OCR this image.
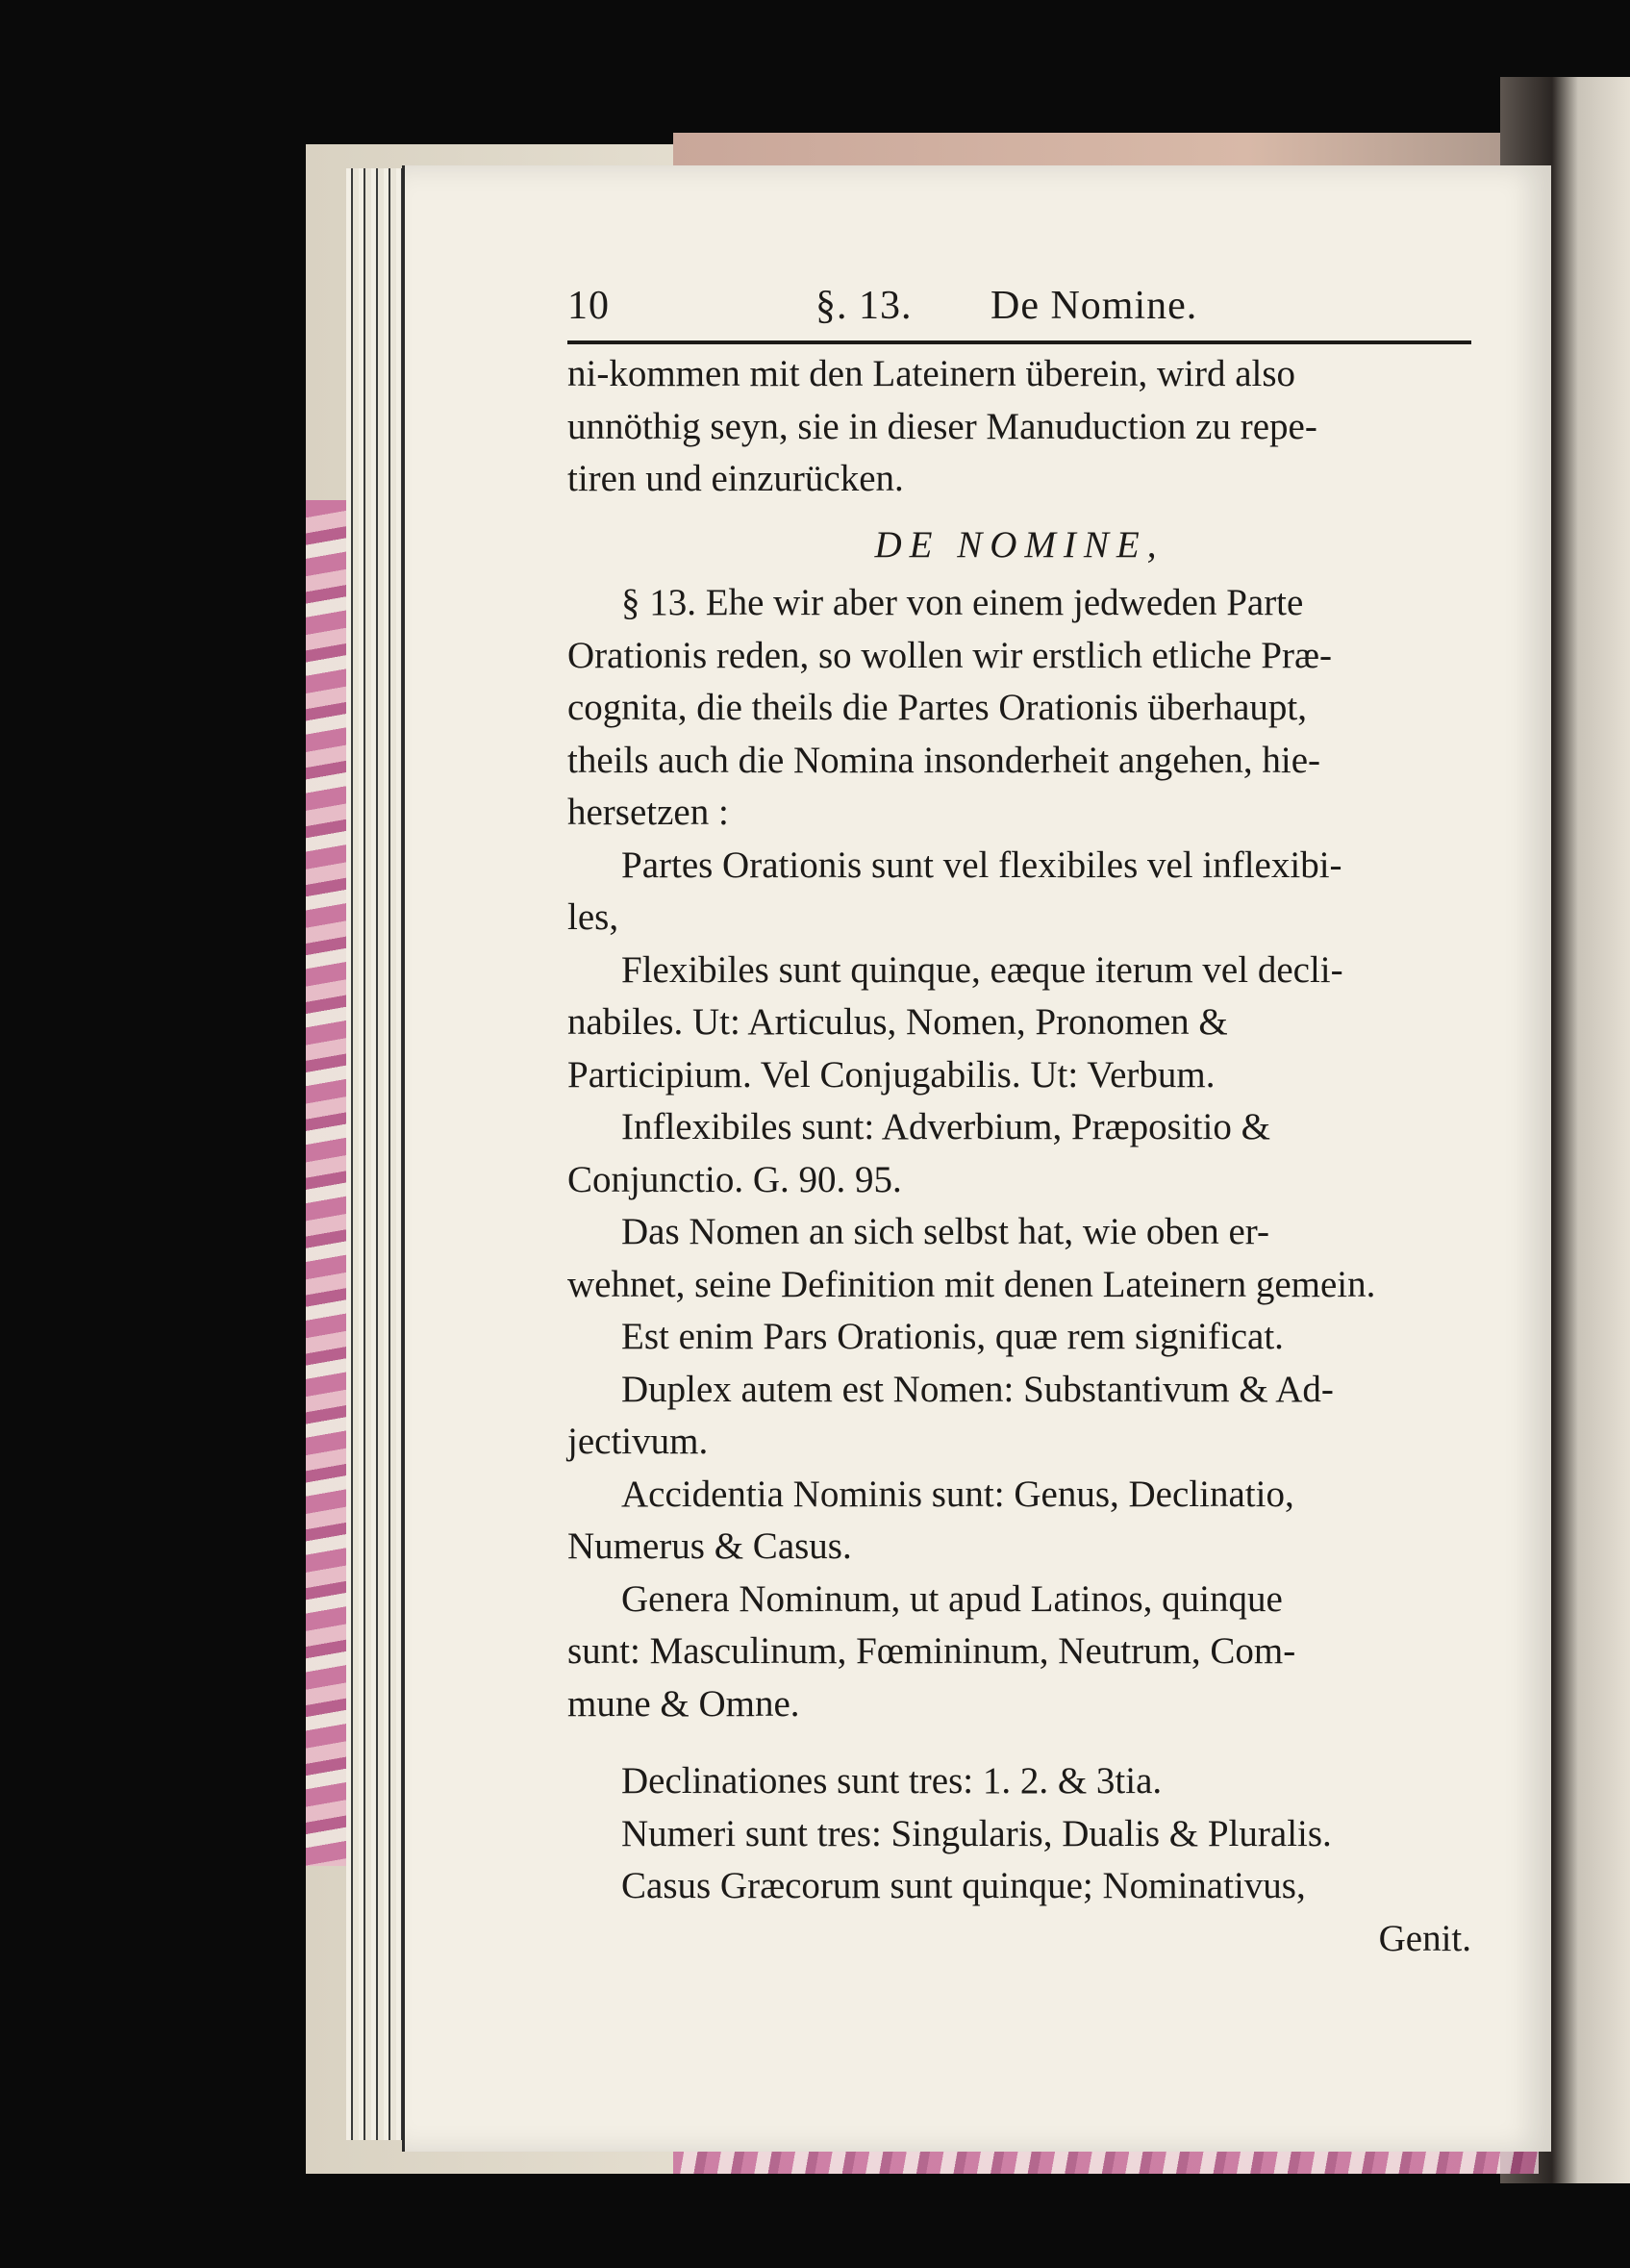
10	§. 13. De Nomine.
ni-kommen mit den Lateinern überein, wird also
unnöthig seyn, sie in dieser Manuduction zu repe-
tiren und einzurücken.
DE NOMINE,
§ 13. Ehe wir aber von einem jedweden Parte
Orationis reden, so wollen wir erstlich etliche Præ-
cognita, die theils die Partes Orationis überhaupt,
theils auch die Nomina insonderheit angehen, hie-
hersetzen :
Partes Orationis sunt vel flexibiles vel inflexibi-
les,
Flexibiles sunt quinque, eæque iterum vel decli-
nabiles. Ut: Articulus, Nomen, Pronomen &
Participium. Vel Conjugabilis. Ut: Verbum.
Inflexibiles sunt: Adverbium, Præpositio &
Conjunctio. G. 90. 95.
Das Nomen an sich selbst hat, wie oben er-
wehnet, seine Definition mit denen Lateinern gemein.
Est enim Pars Orationis, quæ rem significat.
Duplex autem est Nomen: Substantivum & Ad-
jectivum.
Accidentia Nominis sunt: Genus, Declinatio,
Numerus & Casus.
Genera Nominum, ut apud Latinos, quinque
sunt: Masculinum, Fœmininum, Neutrum, Com-
mune & Omne.
Declinationes sunt tres: 1. 2. & 3tia.
Numeri sunt tres: Singularis, Dualis & Pluralis.
Casus Græcorum sunt quinque; Nominativus,
Genit.
